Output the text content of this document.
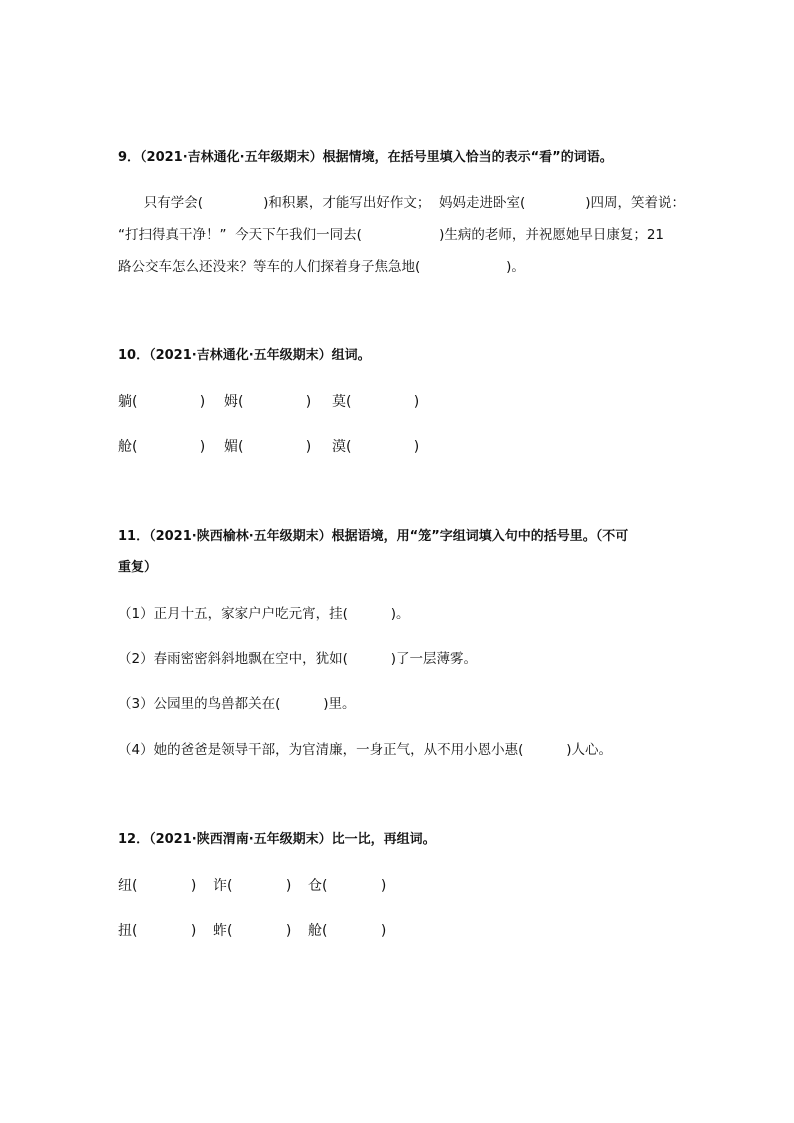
9．（2021·吉林通化·五年级期末）根据情境，在括号里填入恰当的表示“看”的词语。
只有学会(              )和积累，才能写出好作文；  妈妈走进卧室(              )四周，笑着说：
“打扫得真干净！”  今天下午我们一同去(                  )生病的老师，并祝愿她早日康复；21
路公交车怎么还没来？等车的人们探着身子焦急地(                    )。
10．（2021·吉林通化·五年级期末）组词。

躺(              )

姆(              )

莫(              )

舱(              )

媚(              )

漠(              )

11．（2021·陕西榆林·五年级期末）根据语境，用“笼”字组词填入句中的括号里。（不可
重复）
（1）正月十五，家家户户吃元宵，挂(          )。
（2）春雨密密斜斜地飘在空中，犹如(          )了一层薄雾。
（3）公园里的鸟兽都关在(          )里。
（4）她的爸爸是领导干部，为官清廉，一身正气，从不用小恩小惠(          )人心。
12．（2021·陕西渭南·五年级期末）比一比，再组词。

纽(            )

诈(            )

仓(            )

扭(            )

蚱(            )

舱(            )
